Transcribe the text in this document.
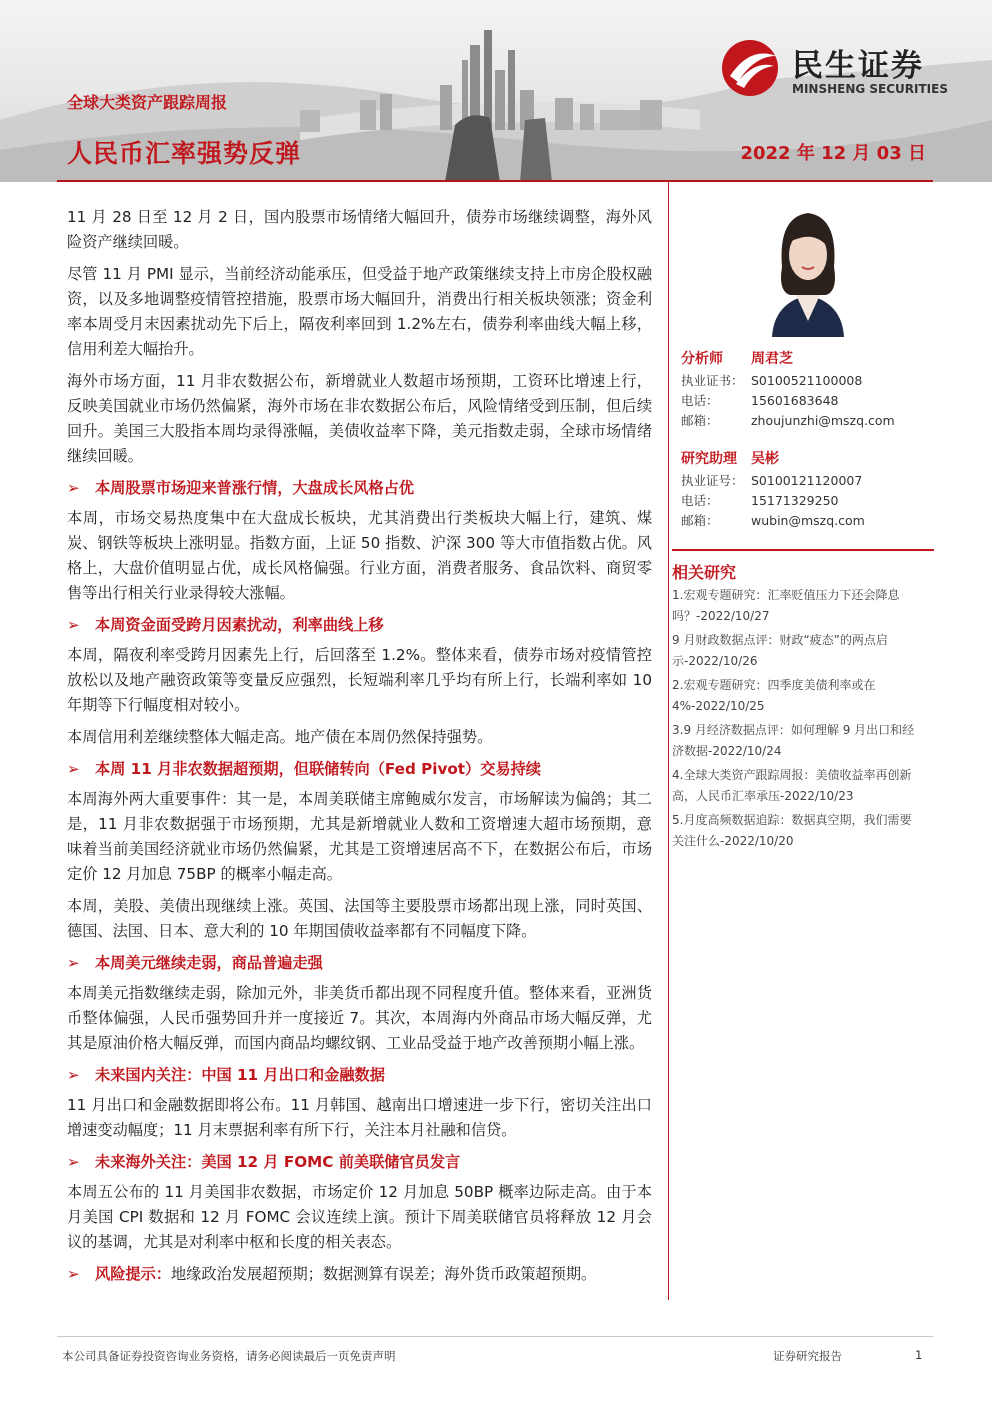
全球大类资产跟踪周报
人民币汇率强势反弹	2022 年 12 月 03 日
民生证券
MINSHENG SECURITIES

11 月 28 日至 12 月 2 日，国内股票市场情绪大幅回升，债券市场继续调整，海外风险资产继续回暖。

尽管 11 月 PMI 显示，当前经济动能承压，但受益于地产政策继续支持上市房企股权融资，以及多地调整疫情管控措施，股票市场大幅回升，消费出行相关板块领涨；资金利率本周受月末因素扰动先下后上，隔夜利率回到 1.2%左右，债券利率曲线大幅上移，信用利差大幅抬升。

海外市场方面，11 月非农数据公布，新增就业人数超市场预期，工资环比增速上行，反映美国就业市场仍然偏紧，海外市场在非农数据公布后，风险情绪受到压制，但后续回升。美国三大股指本周均录得涨幅，美债收益率下降，美元指数走弱，全球市场情绪继续回暖。

➢ 本周股票市场迎来普涨行情，大盘成长风格占优

本周，市场交易热度集中在大盘成长板块，尤其消费出行类板块大幅上行，建筑、煤炭、钢铁等板块上涨明显。指数方面，上证 50 指数、沪深 300 等大市值指数占优。风格上，大盘价值明显占优，成长风格偏强。行业方面，消费者服务、食品饮料、商贸零售等出行相关行业录得较大涨幅。

➢ 本周资金面受跨月因素扰动，利率曲线上移

本周，隔夜利率受跨月因素先上行，后回落至 1.2%。整体来看，债券市场对疫情管控放松以及地产融资政策等变量反应强烈，长短端利率几乎均有所上行，长端利率如 10 年期等下行幅度相对较小。

本周信用利差继续整体大幅走高。地产债在本周仍然保持强势。

➢ 本周 11 月非农数据超预期，但联储转向（Fed Pivot）交易持续

本周海外两大重要事件：其一是，本周美联储主席鲍威尔发言，市场解读为偏鸽；其二是，11 月非农数据强于市场预期，尤其是新增就业人数和工资增速大超市场预期，意味着当前美国经济就业市场仍然偏紧，尤其是工资增速居高不下，在数据公布后，市场定价 12 月加息 75BP 的概率小幅走高。

本周，美股、美债出现继续上涨。英国、法国等主要股票市场都出现上涨，同时英国、德国、法国、日本、意大利的 10 年期国债收益率都有不同幅度下降。

➢ 本周美元继续走弱，商品普遍走强

本周美元指数继续走弱，除加元外，非美货币都出现不同程度升值。整体来看，亚洲货币整体偏强，人民币强势回升并一度接近 7。其次，本周海内外商品市场大幅反弹，尤其是原油价格大幅反弹，而国内商品均螺纹钢、工业品受益于地产改善预期小幅上涨。

➢ 未来国内关注：中国 11 月出口和金融数据

11 月出口和金融数据即将公布。11 月韩国、越南出口增速进一步下行，密切关注出口增速变动幅度；11 月末票据利率有所下行，关注本月社融和信贷。

➢ 未来海外关注：美国 12 月 FOMC 前美联储官员发言

本周五公布的 11 月美国非农数据，市场定价 12 月加息 50BP 概率边际走高。由于本月美国 CPI 数据和 12 月 FOMC 会议连续上演。预计下周美联储官员将释放 12 月会议的基调，尤其是对利率中枢和长度的相关表态。

➢ 风险提示：地缘政治发展超预期；数据测算有误差；海外货币政策超预期。
分析师 周君芝
执业证书： S0100521100008
电话：	15601683648
邮箱：	zhoujunzhi@mszq.com
研究助理 吴彬
执业证号： S0100121120007
电话：	15171329250
邮箱：	wubin@mszq.com
相关研究
1.宏观专题研究：汇率贬值压力下还会降息吗？-2022/10/27
9 月财政数据点评：财政“疲态”的两点启示-2022/10/26
2.宏观专题研究：四季度美债利率或在 4%-2022/10/25
3.9 月经济数据点评：如何理解 9 月出口和经济数据-2022/10/24
4.全球大类资产跟踪周报：美债收益率再创新高，人民币汇率承压-2022/10/23
5.月度高频数据追踪：数据真空期，我们需要关注什么-2022/10/20
本公司具备证券投资咨询业务资格，请务必阅读最后一页免责声明	证券研究报告	1
